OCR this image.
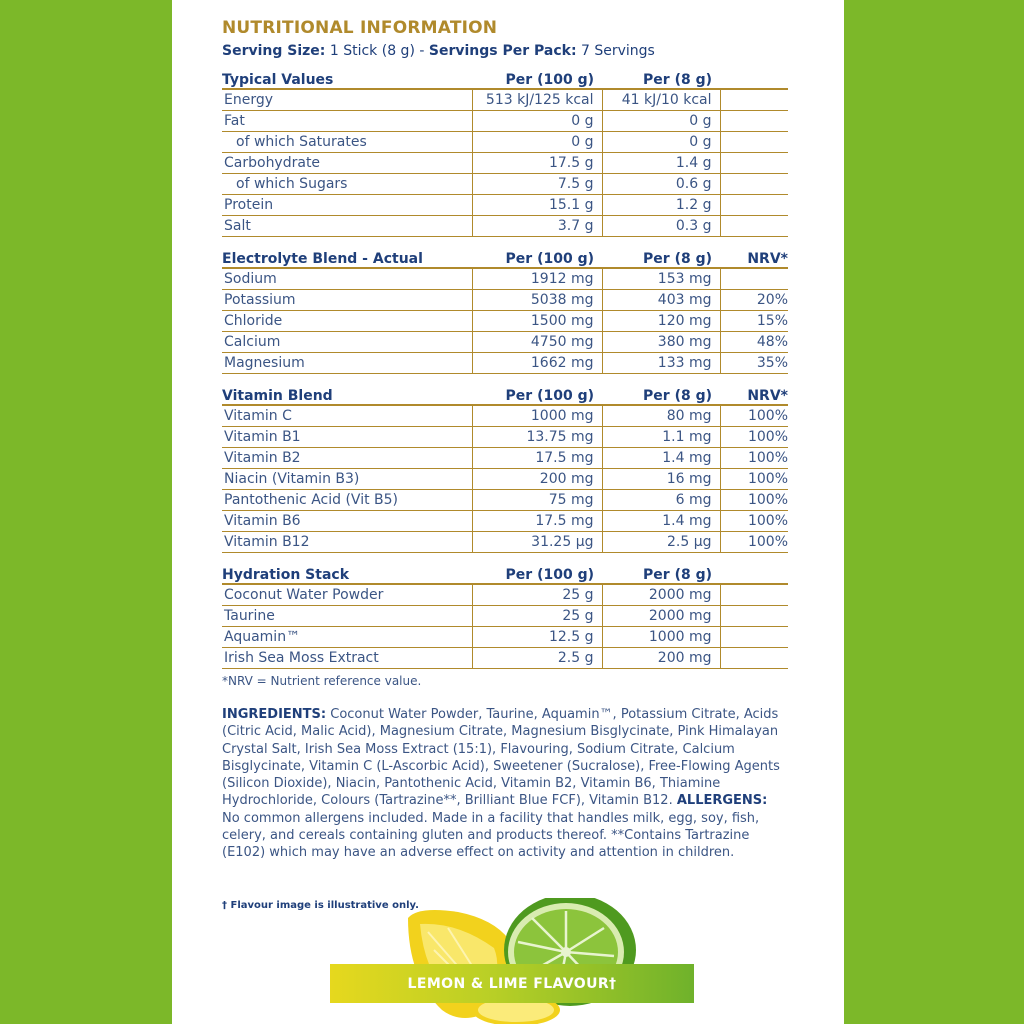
NUTRITIONAL INFORMATION
Serving Size: 1 Stick (8 g) - Servings Per Pack: 7 Servings
Typical Values	Per (100 g)	Per (8 g)	
Energy	513 kJ/125 kcal	41 kJ/10 kcal	
Fat	0 g	0 g	
of which Saturates	0 g	0 g	
Carbohydrate	17.5 g	1.4 g	
of which Sugars	7.5 g	0.6 g	
Protein	15.1 g	1.2 g	
Salt	3.7 g	0.3 g	
Electrolyte Blend - Actual	Per (100 g)	Per (8 g)	NRV*
Sodium	1912 mg	153 mg	
Potassium	5038 mg	403 mg	20%
Chloride	1500 mg	120 mg	15%
Calcium	4750 mg	380 mg	48%
Magnesium	1662 mg	133 mg	35%
Vitamin Blend	Per (100 g)	Per (8 g)	NRV*
Vitamin C	1000 mg	80 mg	100%
Vitamin B1	13.75 mg	1.1 mg	100%
Vitamin B2	17.5 mg	1.4 mg	100%
Niacin (Vitamin B3)	200 mg	16 mg	100%
Pantothenic Acid (Vit B5)	75 mg	6 mg	100%
Vitamin B6	17.5 mg	1.4 mg	100%
Vitamin B12	31.25 µg	2.5 µg	100%
Hydration Stack	Per (100 g)	Per (8 g)	
Coconut Water Powder	25 g	2000 mg	
Taurine	25 g	2000 mg	
Aquamin™	12.5 g	1000 mg	
Irish Sea Moss Extract	2.5 g	200 mg	
*NRV = Nutrient reference value.
INGREDIENTS: Coconut Water Powder, Taurine, Aquamin™, Potassium Citrate, Acids (Citric Acid, Malic Acid), Magnesium Citrate, Magnesium Bisglycinate, Pink Himalayan Crystal Salt, Irish Sea Moss Extract (15:1), Flavouring, Sodium Citrate, Calcium Bisglycinate, Vitamin C (L-Ascorbic Acid), Sweetener (Sucralose), Free-Flowing Agents (Silicon Dioxide), Niacin, Pantothenic Acid, Vitamin B2, Vitamin B6, Thiamine Hydrochloride, Colours (Tartrazine**, Brilliant Blue FCF), Vitamin B12. ALLERGENS: No common allergens included. Made in a facility that handles milk, egg, soy, fish, celery, and cereals containing gluten and products thereof. **Contains Tartrazine (E102) which may have an adverse effect on activity and attention in children.
† Flavour image is illustrative only.
LEMON & LIME FLAVOUR†
